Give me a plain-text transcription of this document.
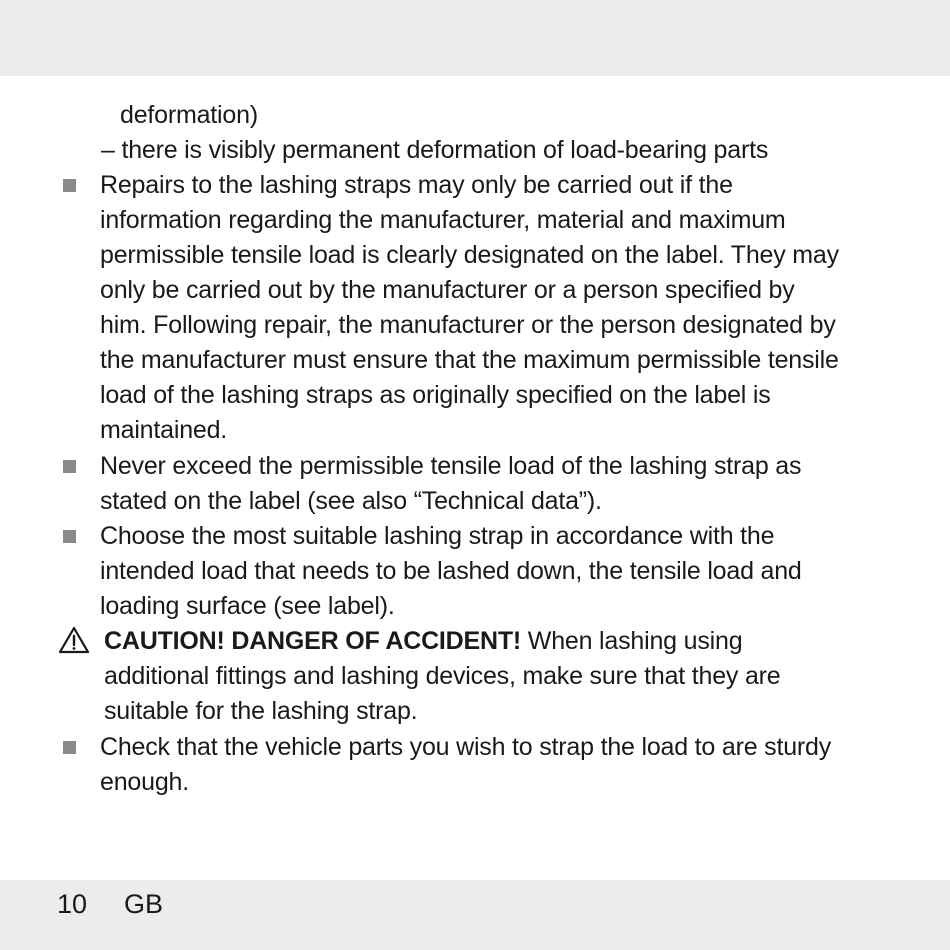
deformation)
– there is visibly permanent deformation of load-bearing parts
Repairs to the lashing straps may only be carried out if the
information regarding the manufacturer, material and maximum
permissible tensile load is clearly designated on the label. They may
only be carried out by the manufacturer or a person specified by
him. Following repair, the manufacturer or the person designated by
the manufacturer must ensure that the maximum permissible tensile
load of the lashing straps as originally specified on the label is
maintained.
Never exceed the permissible tensile load of the lashing strap as
stated on the label (see also “Technical data”).
Choose the most suitable lashing strap in accordance with the
intended load that needs to be lashed down, the tensile load and
loading surface (see label).
CAUTION! DANGER OF ACCIDENT! When lashing using
additional fittings and lashing devices, make sure that they are
suitable for the lashing strap.
Check that the vehicle parts you wish to strap the load to are sturdy
enough.
10 GB
